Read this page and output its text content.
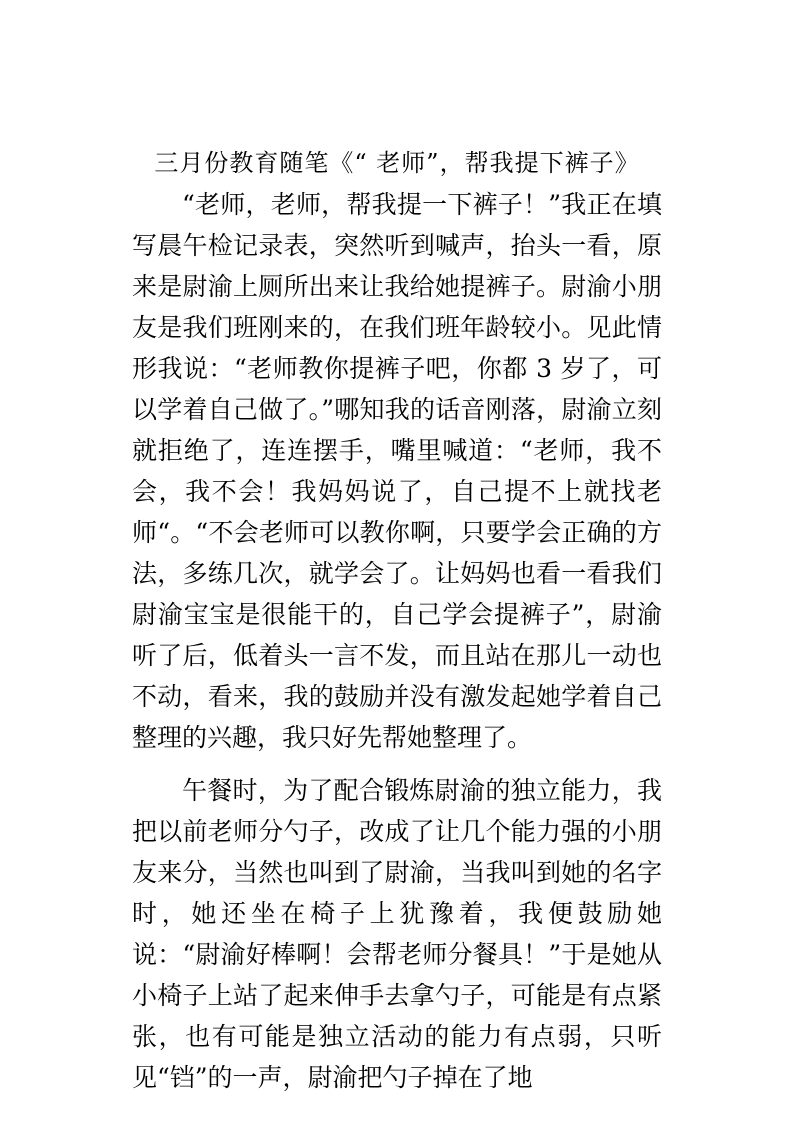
三月份教育随笔《“ 老师”，帮我提下裤子》

“老师，老师，帮我提一下裤子！”我正在填写晨午检记录表，突然听到喊声，抬头一看，原来是尉渝上厕所出来让我给她提裤子。尉渝小朋友是我们班刚来的，在我们班年龄较小。见此情形我说：“老师教你提裤子吧，你都 3 岁了，可以学着自己做了。”哪知我的话音刚落，尉渝立刻就拒绝了，连连摆手，嘴里喊道：“老师，我不会，我不会！我妈妈说了，自己提不上就找老师“。“不会老师可以教你啊，只要学会正确的方法，多练几次，就学会了。让妈妈也看一看我们尉渝宝宝是很能干的，自己学会提裤子”，尉渝听了后，低着头一言不发，而且站在那儿一动也不动，看来，我的鼓励并没有激发起她学着自己整理的兴趣，我只好先帮她整理了。

午餐时，为了配合锻炼尉渝的独立能力，我把以前老师分勺子，改成了让几个能力强的小朋友来分，当然也叫到了尉渝，当我叫到她的名字时，她还坐在椅子上犹豫着，我便鼓励她说：“尉渝好棒啊！会帮老师分餐具！”于是她从小椅子上站了起来伸手去拿勺子，可能是有点紧张，也有可能是独立活动的能力有点弱，只听见“铛”的一声，尉渝把勺子掉在了地
